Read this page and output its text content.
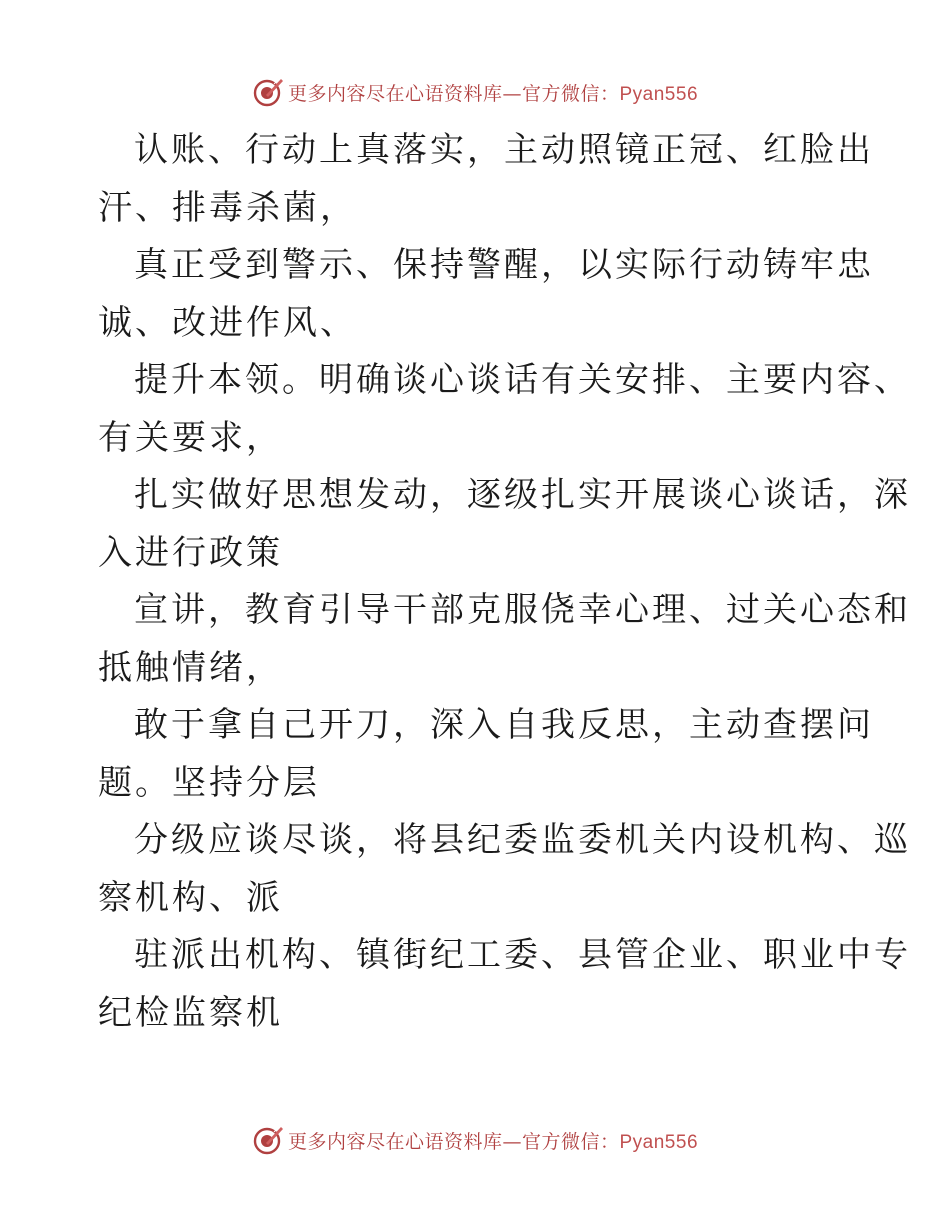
更多内容尽在心语资料库—官方微信：Pyan556

认账、行动上真落实，主动照镜正冠、红脸出
汗、排毒杀菌，

真正受到警示、保持警醒，以实际行动铸牢忠
诚、改进作风、

提升本领。明确谈心谈话有关安排、主要内容、
有关要求，

扎实做好思想发动，逐级扎实开展谈心谈话，深
入进行政策

宣讲，教育引导干部克服侥幸心理、过关心态和
抵触情绪，

敢于拿自己开刀，深入自我反思，主动查摆问
题。坚持分层

分级应谈尽谈，将县纪委监委机关内设机构、巡
察机构、派

驻派出机构、镇街纪工委、县管企业、职业中专
纪检监察机

更多内容尽在心语资料库—官方微信：Pyan556
